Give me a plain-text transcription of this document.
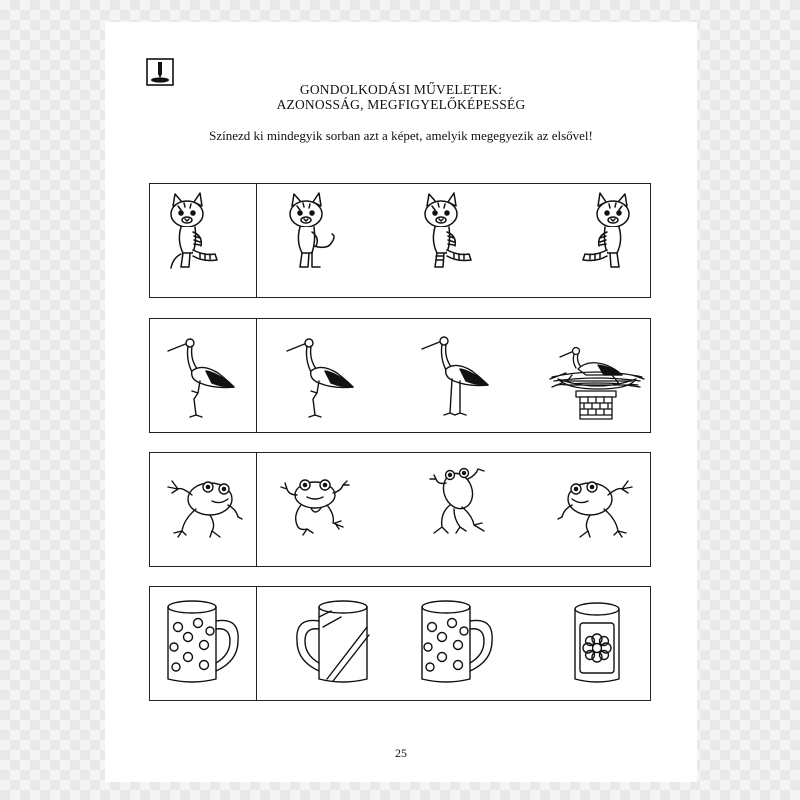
GONDOLKODÁSI MŰVELETEK:
AZONOSSÁG, MEGFIGYELŐKÉPESSÉG
Színezd ki mindegyik sorban azt a képet, amelyik megegyezik az elsővel!
25
